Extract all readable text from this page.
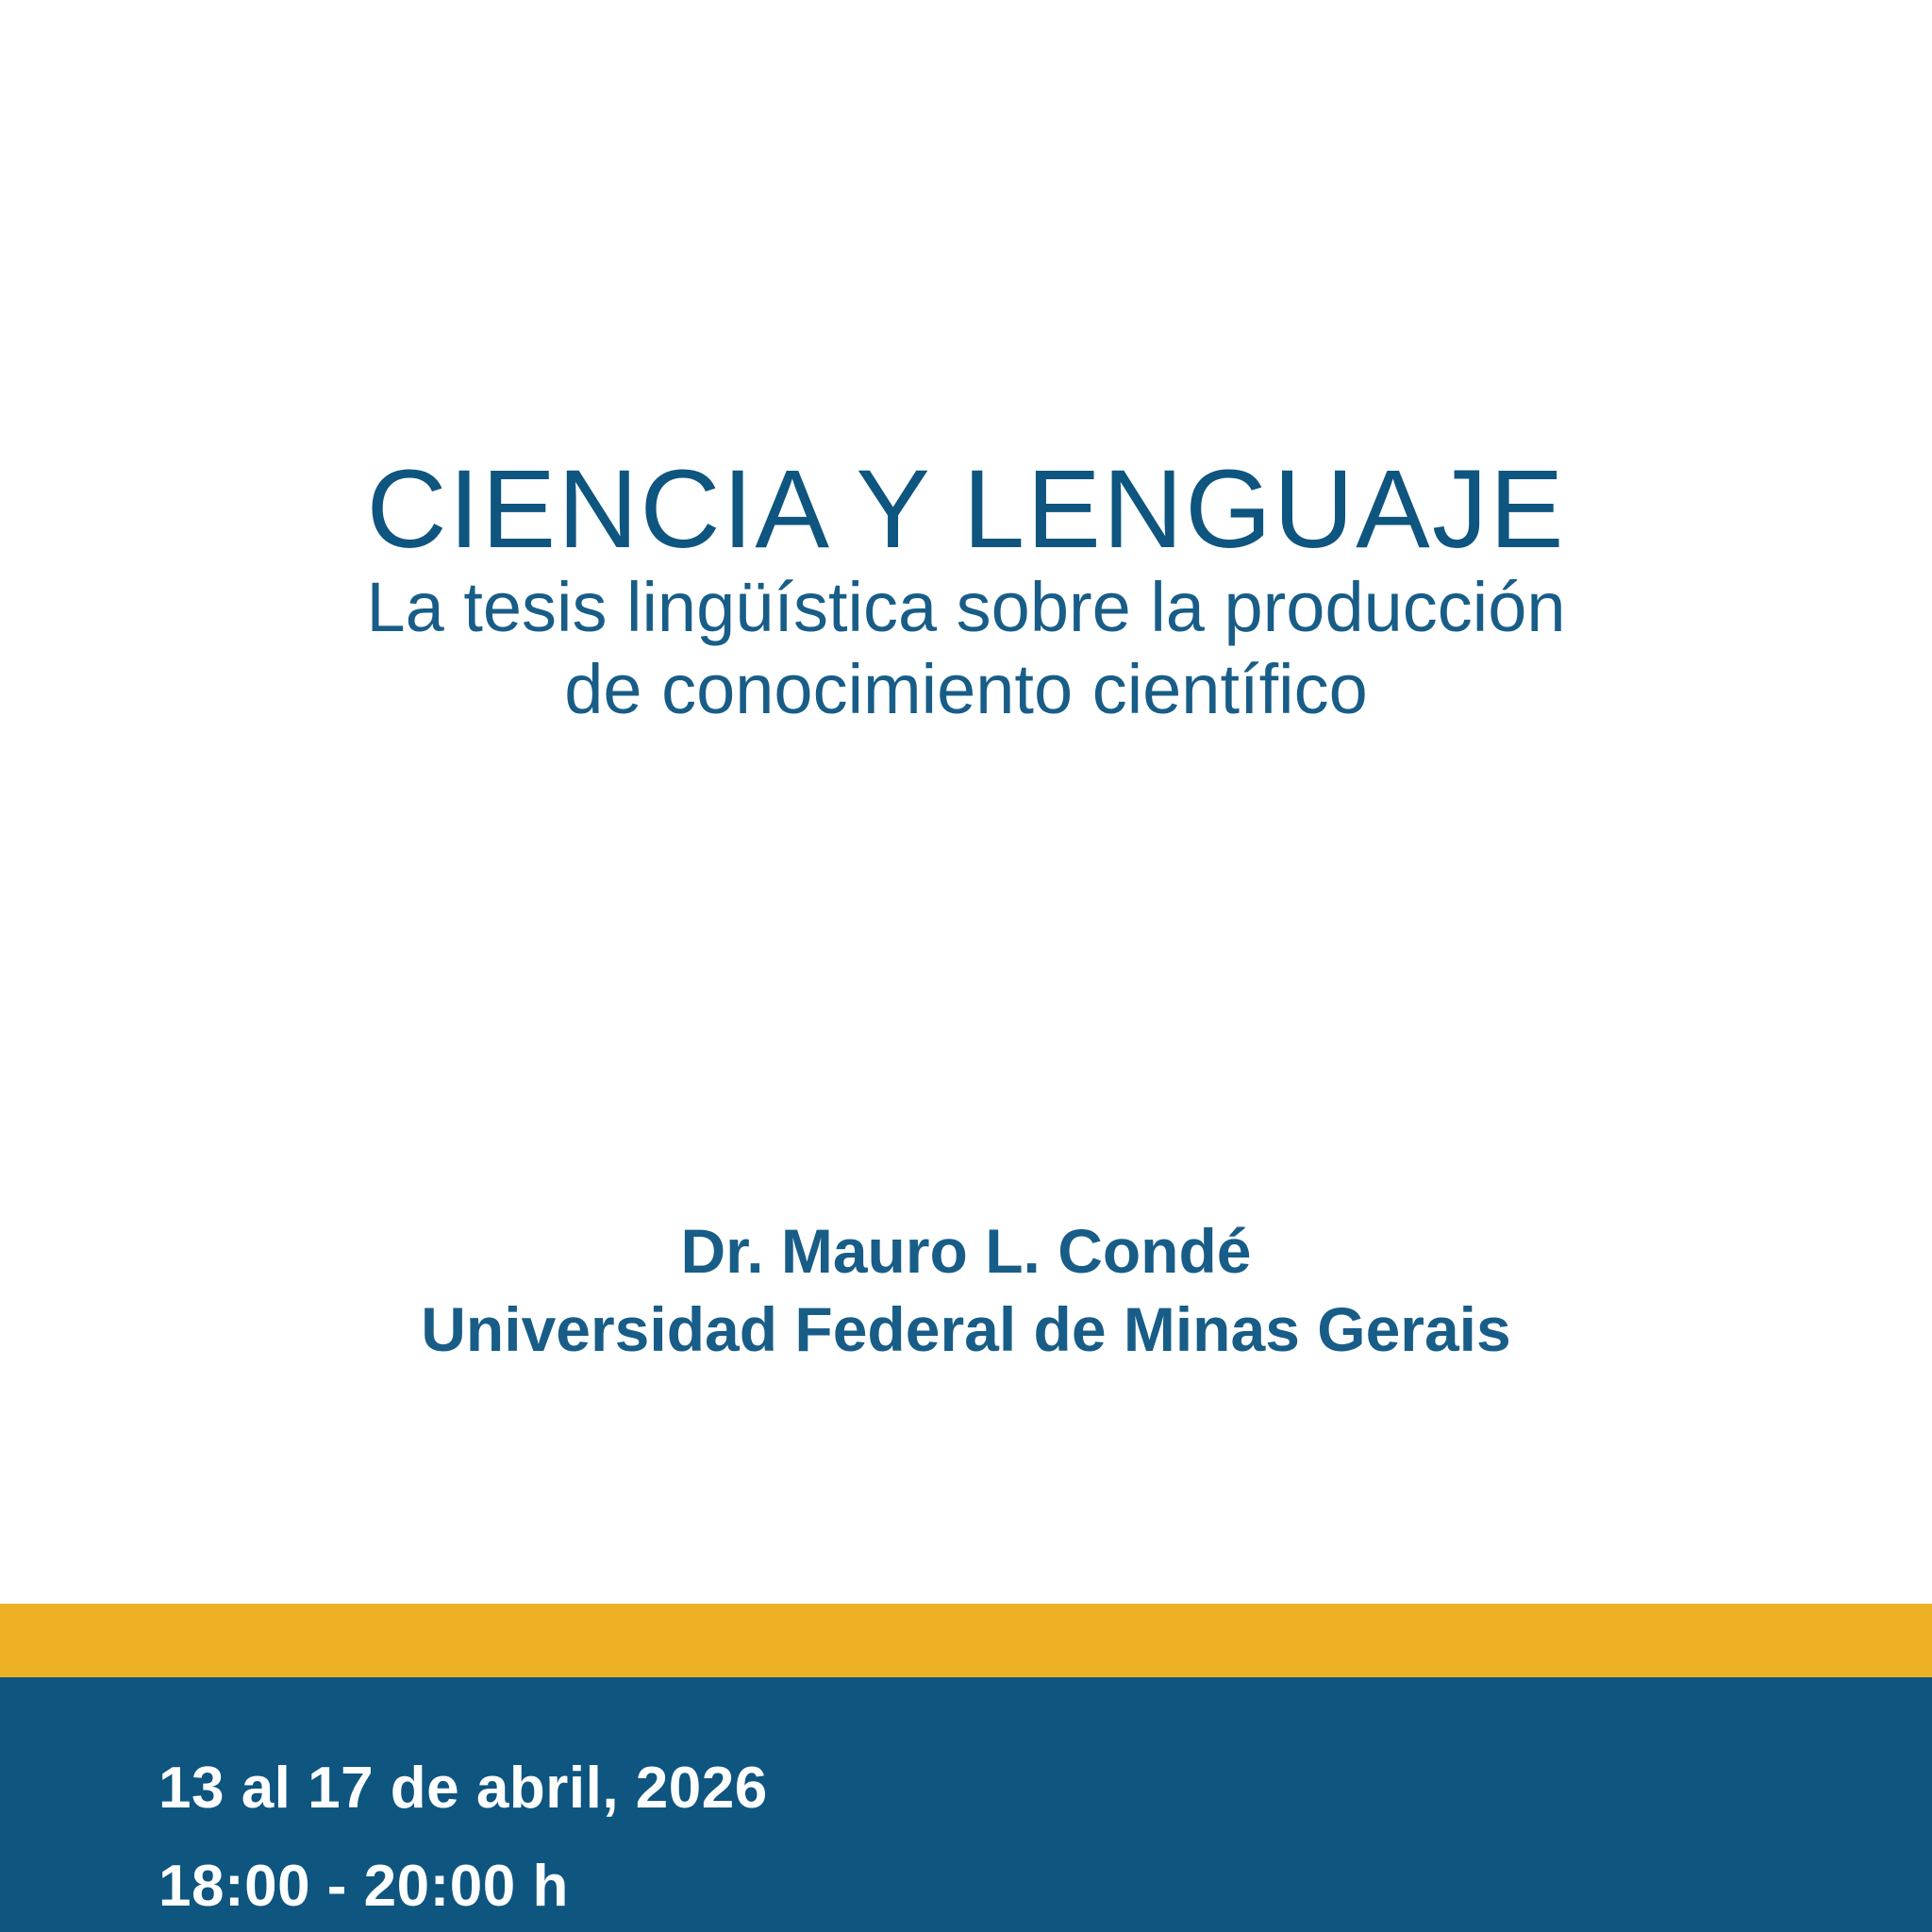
CIENCIA Y LENGUAJE
La tesis lingüística sobre la producción
de conocimiento científico
Dr. Mauro L. Condé
Universidad Federal de Minas Gerais
13 al 17 de abril, 2026
18:00 - 20:00 h
